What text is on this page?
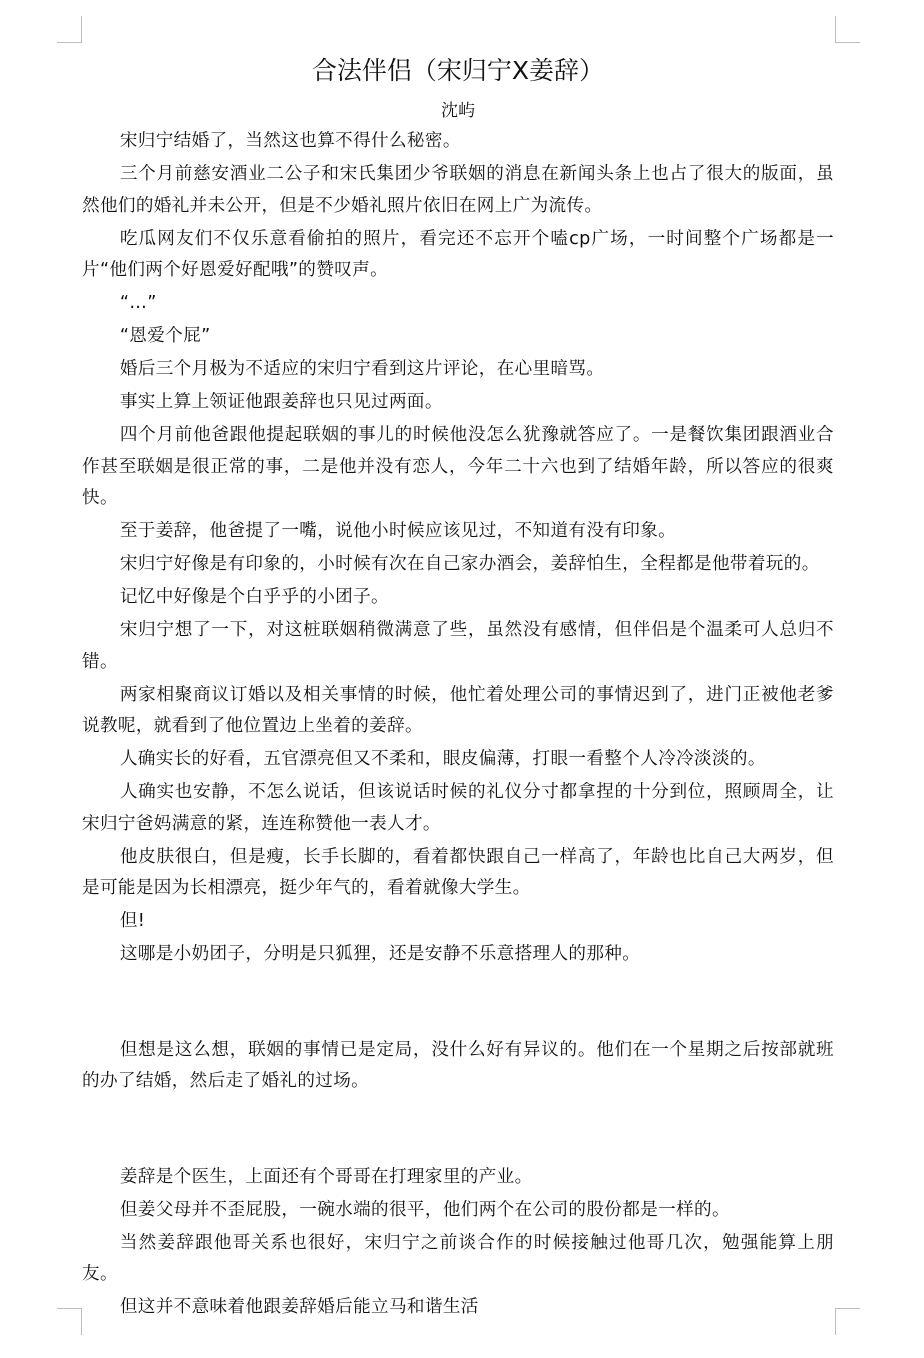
合法伴侣（宋归宁X姜辞）
沈屿

宋归宁结婚了，当然这也算不得什么秘密。

三个月前慈安酒业二公子和宋氏集团少爷联姻的消息在新闻头条上也占了很大的版面，虽然他们的婚礼并未公开，但是不少婚礼照片依旧在网上广为流传。

吃瓜网友们不仅乐意看偷拍的照片，看完还不忘开个嗑cp广场，一时间整个广场都是一片“他们两个好恩爱好配哦”的赞叹声。

“…”

“恩爱个屁”

婚后三个月极为不适应的宋归宁看到这片评论，在心里暗骂。

事实上算上领证他跟姜辞也只见过两面。

四个月前他爸跟他提起联姻的事儿的时候他没怎么犹豫就答应了。一是餐饮集团跟酒业合作甚至联姻是很正常的事，二是他并没有恋人，今年二十六也到了结婚年龄，所以答应的很爽快。

至于姜辞，他爸提了一嘴，说他小时候应该见过，不知道有没有印象。

宋归宁好像是有印象的，小时候有次在自己家办酒会，姜辞怕生，全程都是他带着玩的。

记忆中好像是个白乎乎的小团子。

宋归宁想了一下，对这桩联姻稍微满意了些，虽然没有感情，但伴侣是个温柔可人总归不错。

两家相聚商议订婚以及相关事情的时候，他忙着处理公司的事情迟到了，进门正被他老爹说教呢，就看到了他位置边上坐着的姜辞。

人确实长的好看，五官漂亮但又不柔和，眼皮偏薄，打眼一看整个人冷冷淡淡的。

人确实也安静，不怎么说话，但该说话时候的礼仪分寸都拿捏的十分到位，照顾周全，让宋归宁爸妈满意的紧，连连称赞他一表人才。

他皮肤很白，但是瘦，长手长脚的，看着都快跟自己一样高了，年龄也比自己大两岁，但是可能是因为长相漂亮，挺少年气的，看着就像大学生。

但!

这哪是小奶团子，分明是只狐狸，还是安静不乐意搭理人的那种。

但想是这么想，联姻的事情已是定局，没什么好有异议的。他们在一个星期之后按部就班的办了结婚，然后走了婚礼的过场。

姜辞是个医生，上面还有个哥哥在打理家里的产业。

但姜父母并不歪屁股，一碗水端的很平，他们两个在公司的股份都是一样的。

当然姜辞跟他哥关系也很好，宋归宁之前谈合作的时候接触过他哥几次，勉强能算上朋友。

但这并不意味着他跟姜辞婚后能立马和谐生活
